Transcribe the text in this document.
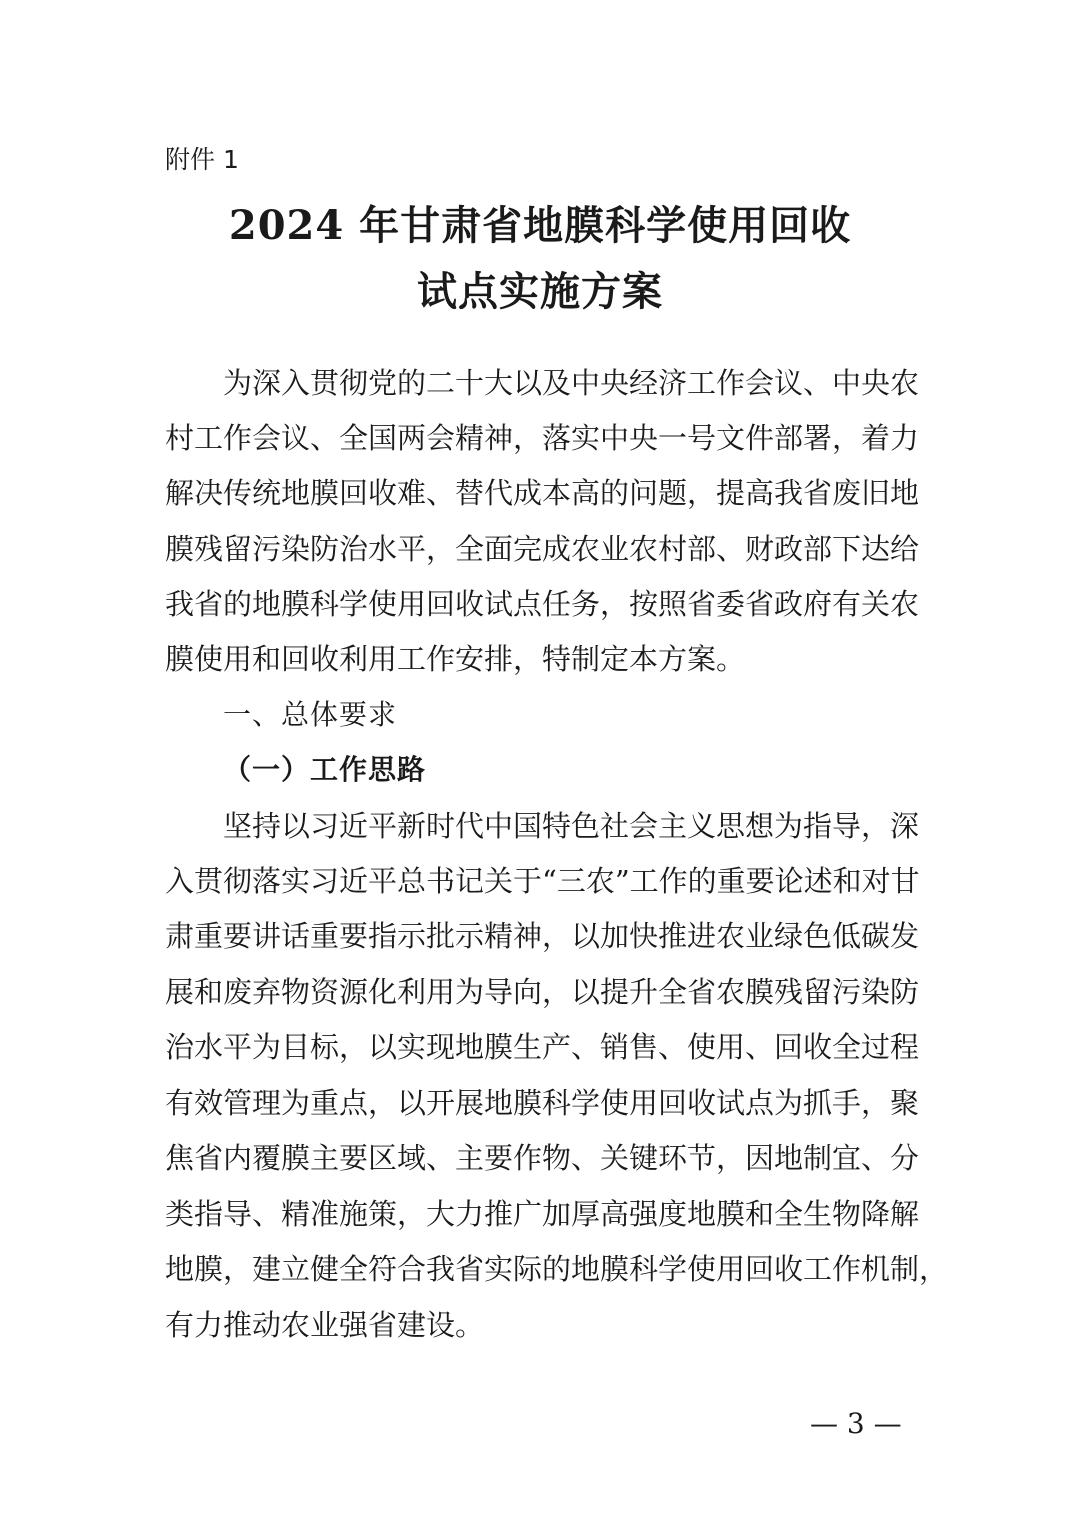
附件 1
2024 年甘肃省地膜科学使用回收
试点实施方案
为深入贯彻党的二十大以及中央经济工作会议、中央农
村工作会议、全国两会精神，落实中央一号文件部署，着力
解决传统地膜回收难、替代成本高的问题，提高我省废旧地
膜残留污染防治水平，全面完成农业农村部、财政部下达给
我省的地膜科学使用回收试点任务，按照省委省政府有关农
膜使用和回收利用工作安排，特制定本方案。
一、总体要求
（一）工作思路
坚持以习近平新时代中国特色社会主义思想为指导，深
入贯彻落实习近平总书记关于“三农”工作的重要论述和对甘
肃重要讲话重要指示批示精神，以加快推进农业绿色低碳发
展和废弃物资源化利用为导向，以提升全省农膜残留污染防
治水平为目标，以实现地膜生产、销售、使用、回收全过程
有效管理为重点，以开展地膜科学使用回收试点为抓手，聚
焦省内覆膜主要区域、主要作物、关键环节，因地制宜、分
类指导、精准施策，大力推广加厚高强度地膜和全生物降解
地膜，建立健全符合我省实际的地膜科学使用回收工作机制，
有力推动农业强省建设。
— 3 —
